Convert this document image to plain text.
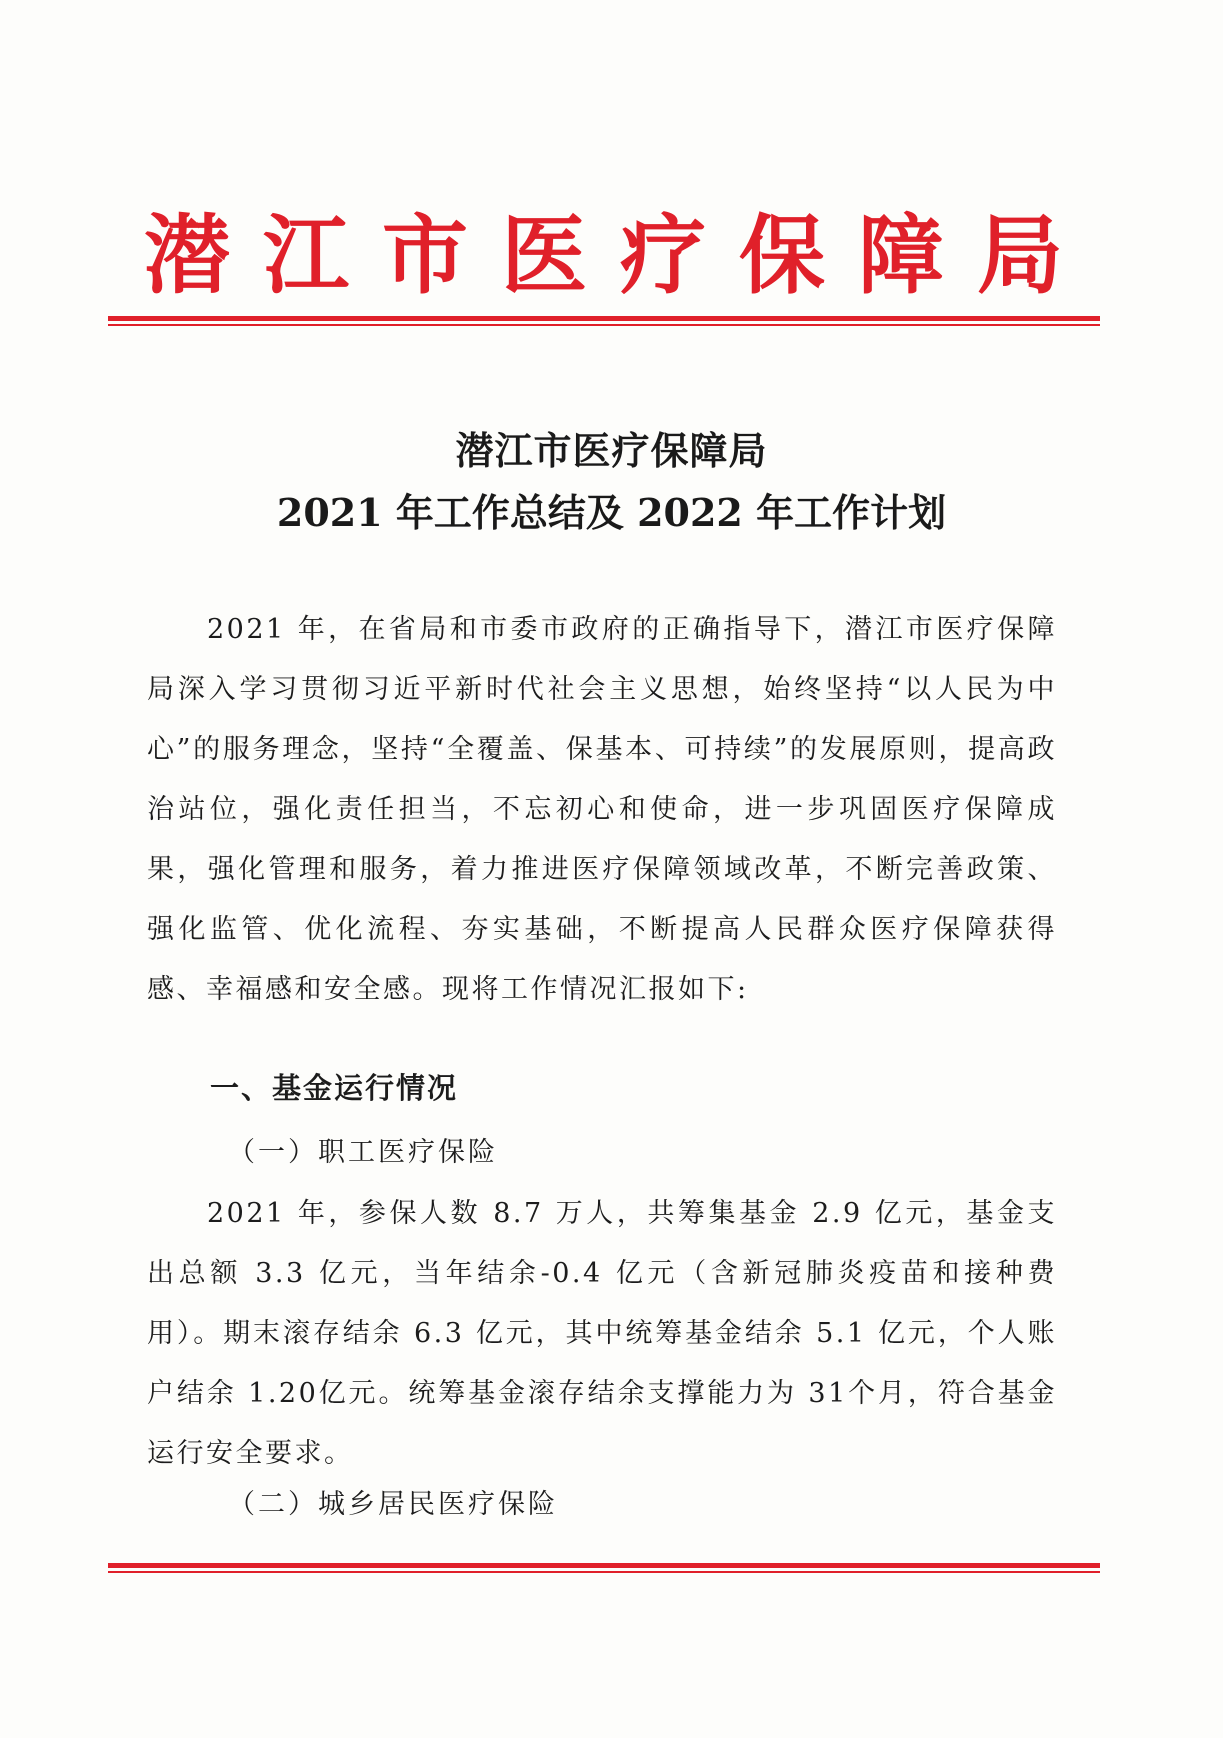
潜江市医疗保障局
潜江市医疗保障局
2021 年工作总结及 2022 年工作计划
2021 年，在省局和市委市政府的正确指导下，潜江市医疗保障局深入学习贯彻习近平新时代社会主义思想，始终坚持“以人民为中心”的服务理念，坚持“全覆盖、保基本、可持续”的发展原则，提高政治站位，强化责任担当，不忘初心和使命，进一步巩固医疗保障成果，强化管理和服务，着力推进医疗保障领域改革，不断完善政策、强化监管、优化流程、夯实基础，不断提高人民群众医疗保障获得感、幸福感和安全感。现将工作情况汇报如下:
一、基金运行情况
（一）职工医疗保险
2021 年，参保人数 8.7 万人，共筹集基金 2.9 亿元，基金支出总额 3.3 亿元，当年结余-0.4 亿元（含新冠肺炎疫苗和接种费用）。期末滚存结余 6.3 亿元，其中统筹基金结余 5.1 亿元，个人账户结余 1.20亿元。统筹基金滚存结余支撑能力为 31个月，符合基金运行安全要求。
（二）城乡居民医疗保险
